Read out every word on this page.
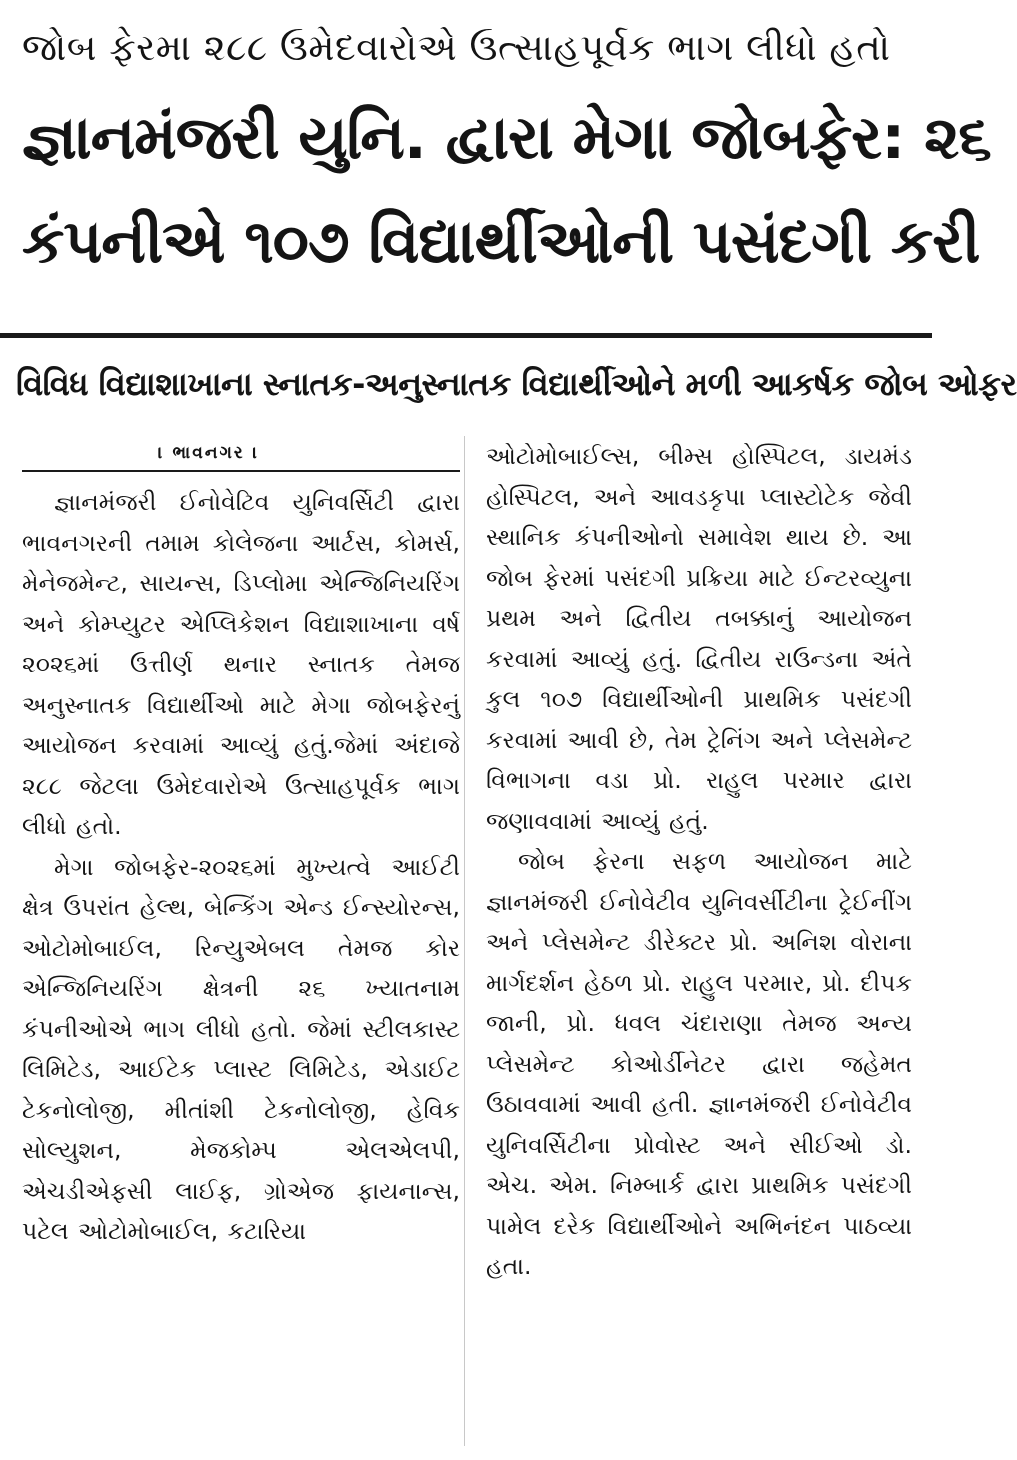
જોબ ફેરમા ૨૮૮ ઉમેદવારોએ ઉત્સાહપૂર્વક ભાગ લીધો હતો
જ્ઞાનમંજરી યુનિ. દ્વારા મેગા જોબફેર: ૨૬
કંપનીએ ૧૦૭ વિદ્યાર્થીઓની પસંદગી કરી
વિવિધ વિદ્યાશાખાના સ્નાતક-અનુસ્નાતક વિદ્યાર્થીઓને મળી આકર્ષક જોબ ઓફર
। ભાવનગર ।

જ્ઞાનમંજરી ઈનોવેટિવ યુનિવર્સિટી દ્વારા ભાવનગરની તમામ કોલેજના આર્ટસ, કોમર્સ, મેનેજમેન્ટ, સાયન્સ, ડિપ્લોમા એન્જિનિયરિંગ અને કોમ્પ્યુટર એપ્લિકેશન વિદ્યાશાખાના વર્ષ ૨૦૨૬માં ઉત્તીર્ણ થનાર સ્નાતક તેમજ અનુસ્નાતક વિદ્યાર્થીઓ માટે મેગા જોબફેરનું આયોજન કરવામાં આવ્યું હતું.જેમાં અંદાજે ૨૮૮ જેટલા ઉમેદવારોએ ઉત્સાહપૂર્વક ભાગ લીધો હતો.

મેગા જોબફેર-૨૦૨૬માં મુખ્યત્વે આઈટી ક્ષેત્ર ઉપરાંત હેલ્થ, બેન્કિંગ એન્ડ ઈન્સ્યોરન્સ, ઓટોમોબાઈલ, રિન્યુએબલ તેમજ કોર એન્જિનિયરિંગ ક્ષેત્રની ૨૬ ખ્યાતનામ કંપનીઓએ ભાગ લીધો હતો. જેમાં સ્ટીલકાસ્ટ લિમિટેડ, આઈટેક પ્લાસ્ટ લિમિટેડ, એડાઈટ ટેકનોલોજી, મીતાંશી ટેકનોલોજી, હેવિક સોલ્યુશન, મેજકોમ્પ એલએલપી, એચડીએફસી લાઈફ, ગ્રોએજ ફાયનાન્સ, પટેલ ઓટોમોબાઈલ, કટારિયા

ઓટોમોબાઈલ્સ, બીમ્સ હોસ્પિટલ, ડાયમંડ હોસ્પિટલ, અને આવડકૃપા પ્લાસ્ટોટેક જેવી સ્થાનિક કંપનીઓનો સમાવેશ થાય છે. આ જોબ ફેરમાં પસંદગી પ્રક્રિયા માટે ઈન્ટરવ્યુના પ્રથમ અને દ્વિતીય તબક્કાનું આયોજન કરવામાં આવ્યું હતું. દ્વિતીય રાઉન્ડના અંતે કુલ ૧૦૭ વિદ્યાર્થીઓની પ્રાથમિક પસંદગી કરવામાં આવી છે, તેમ ટ્રેનિંગ અને પ્લેસમેન્ટ વિભાગના વડા પ્રો. રાહુલ પરમાર દ્વારા જણાવવામાં આવ્યું હતું.

જોબ ફેરના સફળ આયોજન માટે જ્ઞાનમંજરી ઈનોવેટીવ યુનિવર્સીટીના ટ્રેઈનીંગ અને પ્લેસમેન્ટ ડીરેક્ટર પ્રો. અનિશ વોરાના માર્ગદર્શન હેઠળ પ્રો. રાહુલ પરમાર, પ્રો. દીપક જાની, પ્રો. ધવલ ચંદારાણા તેમજ અન્ય પ્લેસમેન્ટ કોઓર્ડીનેટર દ્વારા જહેમત ઉઠાવવામાં આવી હતી. જ્ઞાનમંજરી ઈનોવેટીવ યુનિવર્સિટીના પ્રોવોસ્ટ અને સીઈઓ ડો. એચ. એમ. નિમ્બાર્ક દ્વારા પ્રાથમિક પસંદગી પામેલ દરેક વિદ્યાર્થીઓને અભિનંદન પાઠવ્યા હતા.
